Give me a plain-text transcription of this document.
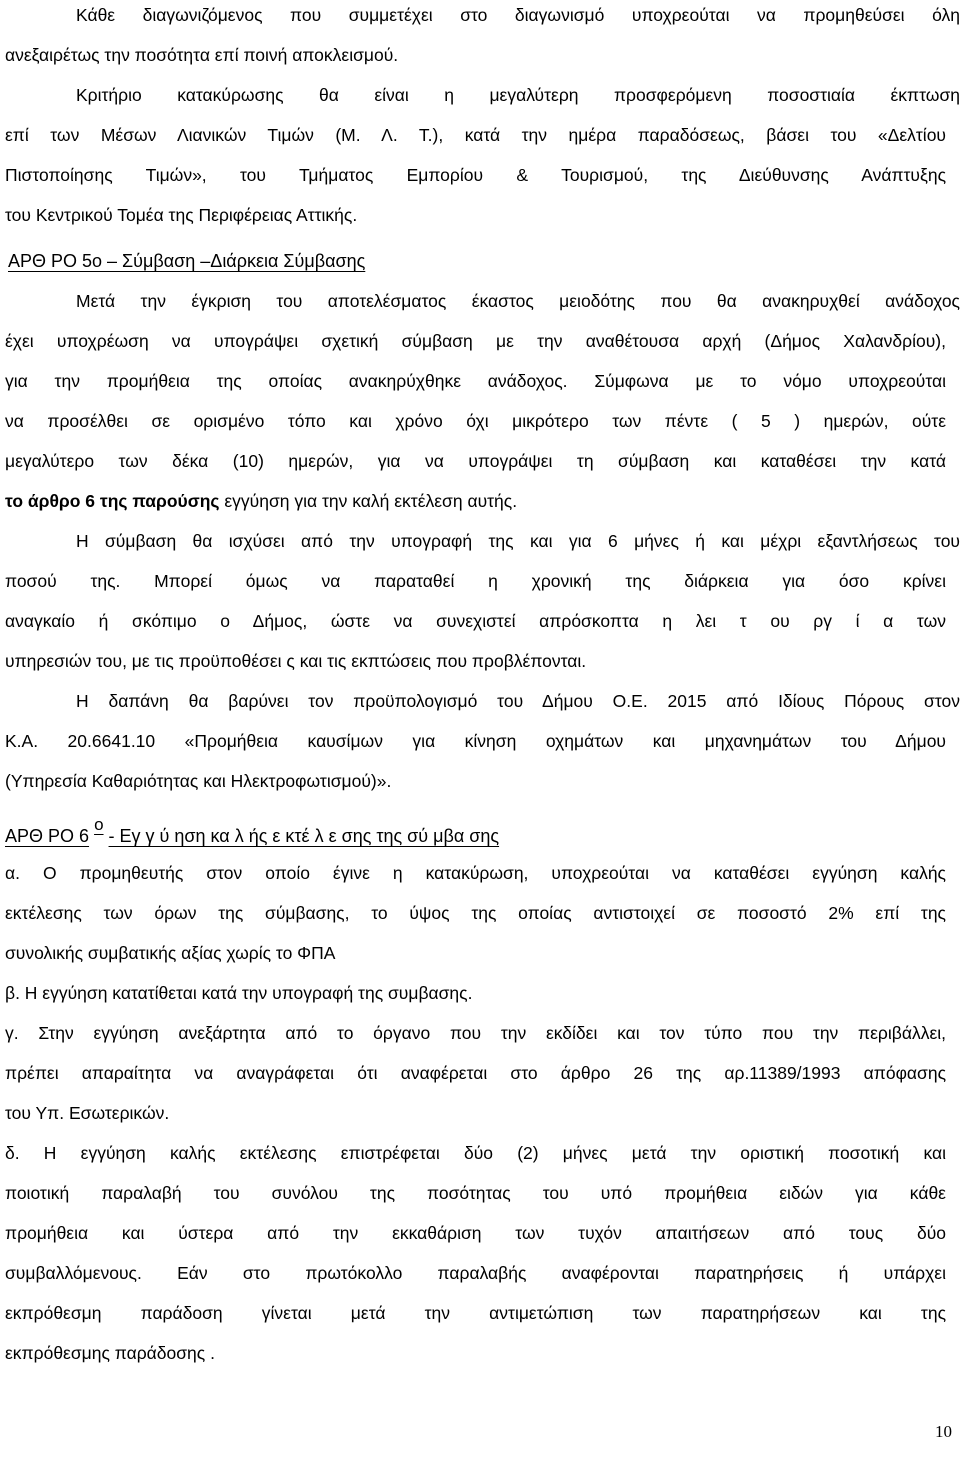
Κάθε διαγωνιζόμενος που συμμετέχει στο διαγωνισμό υποχρεούται να προμηθεύσει όλη

ανεξαιρέτως την ποσότητα επί ποινή αποκλεισμού.

Κριτήριο κατακύρωσης θα είναι η μεγαλύτερη προσφερόμενη ποσοστιαία έκπτωση

επί των Μέσων Λιανικών Τιμών (Μ. Λ. Τ.), κατά την ημέρα παραδόσεως, βάσει του «Δελτίου

Πιστοποίησης Τιμών», του Τμήματος Εμπορίου & Τουρισμού, της Διεύθυνσης Ανάπτυξης

του Κεντρικού Τομέα της Περιφέρειας Αττικής.

ΑΡΘ ΡΟ 5ο – Σύμβαση –Διάρκεια Σύμβασης

Μετά την έγκριση του αποτελέσματος έκαστος μειοδότης που θα ανακηρυχθεί ανάδοχος

έχει υποχρέωση να υπογράψει σχετική σύμβαση με την αναθέτουσα αρχή (Δήμος Χαλανδρίου),

για την προμήθεια της οποίας ανακηρύχθηκε ανάδοχος. Σύμφωνα με το νόμο υποχρεούται

να προσέλθει σε ορισμένο τόπο και χρόνο όχι μικρότερο των πέντε ( 5 ) ημερών, ούτε

μεγαλύτερο των δέκα (10) ημερών, για να υπογράψει τη σύμβαση και καταθέσει την κατά

το άρθρο 6 της παρούσης εγγύηση για την καλή εκτέλεση αυτής.

Η σύμβαση θα ισχύσει από την υπογραφή της και για 6 μήνες ή και μέχρι εξαντλήσεως του

ποσού της. Μπορεί όμως να παραταθεί η χρονική της διάρκεια για όσο κρίνει

αναγκαίο ή σκόπιμο ο Δήμος, ώστε να συνεχιστεί απρόσκοπτα η λει τ ου ργ ί α των

υπηρεσιών του, με τις προϋποθέσει ς και τις εκπτώσεις που προβλέπονται.

Η δαπάνη θα βαρύνει τον προϋπολογισμό του Δήμου Ο.Ε. 2015 από Ιδίους Πόρους στον

Κ.Α. 20.6641.10 «Προμήθεια καυσίμων για κίνηση οχημάτων και μηχανημάτων του Δήμου

(Υπηρεσία Καθαριότητας και Ηλεκτροφωτισμού)».

ΑΡΘ ΡΟ 6 ο - Εγ γ ύ ηση κα λ ής ε κτέ λ ε σης της σύ μβα σης

α. Ο προμηθευτής στον οποίο έγινε η κατακύρωση, υποχρεούται να καταθέσει εγγύηση καλής

εκτέλεσης των όρων της σύμβασης, το ύψος της οποίας αντιστοιχεί σε ποσοστό 2% επί της

συνολικής συμβατικής αξίας χωρίς το ΦΠΑ

β. Η εγγύηση κατατίθεται κατά την υπογραφή της συμβασης.

γ. Στην εγγύηση ανεξάρτητα από το όργανο που την εκδίδει και τον τύπο που την περιβάλλει,

πρέπει απαραίτητα να αναγράφεται ότι αναφέρεται στο άρθρο 26 της αρ.11389/1993 απόφασης

του Υπ. Εσωτερικών.

δ. Η εγγύηση καλής εκτέλεσης επιστρέφεται δύο (2) μήνες μετά την οριστική ποσοτική και

ποιοτική παραλαβή του συνόλου της ποσότητας του υπό προμήθεια ειδών για κάθε

προμήθεια και ύστερα από την εκκαθάριση των τυχόν απαιτήσεων από τους δύο

συμβαλλόμενους. Εάν στο πρωτόκολλο παραλαβής αναφέρονται παρατηρήσεις ή υπάρχει

εκπρόθεσμη παράδοση γίνεται μετά την αντιμετώπιση των παρατηρήσεων και της

εκπρόθεσμης παράδοσης .

10
